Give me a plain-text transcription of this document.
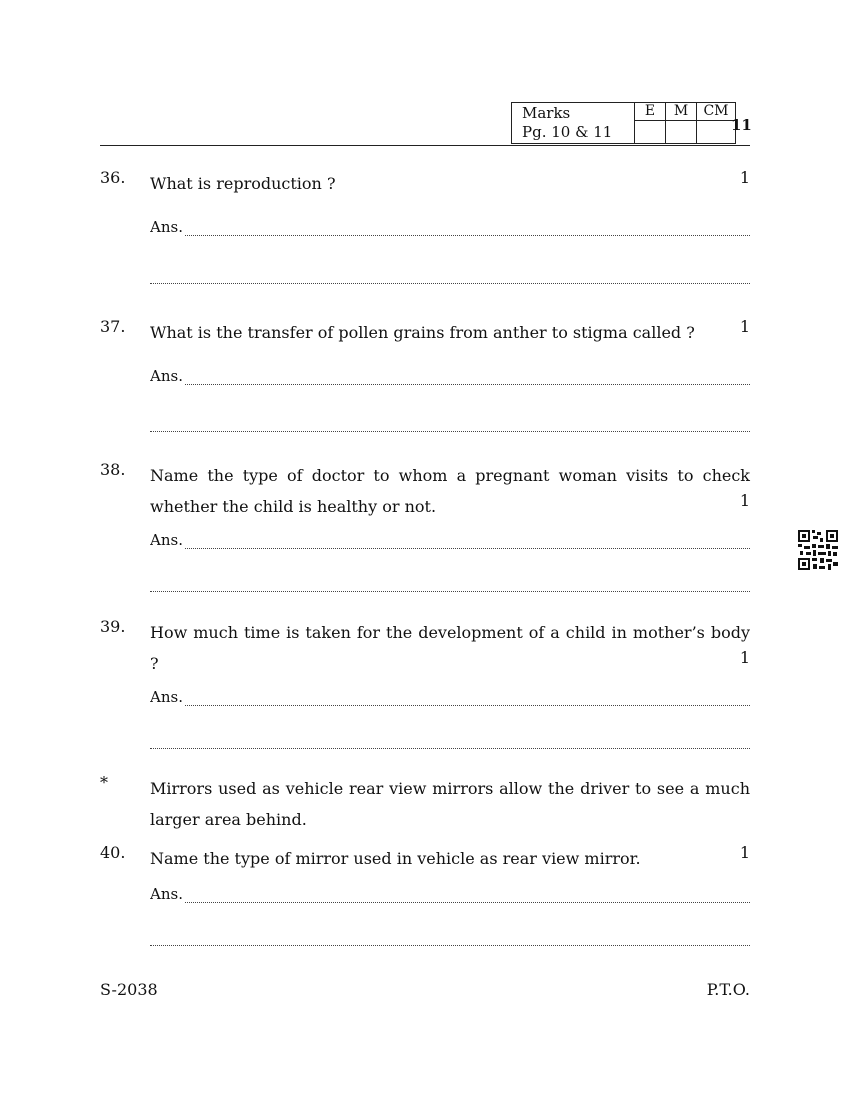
Marks
Pg. 10 & 11	E	M	CM

11
36. What is reproduction ?	1
Ans.
37. What is the transfer of pollen grains from anther to stigma called ?	1
Ans.
38. Name the type of doctor to whom a pregnant woman visits to check whether the child is healthy or not.	1
Ans.
39. How much time is taken for the development of a child in mother’s body ?	1
Ans.
*	Mirrors used as vehicle rear view mirrors allow the driver to see a much larger area behind.
40. Name the type of mirror used in vehicle as rear view mirror.	1
Ans.
S-2038	P.T.O.
